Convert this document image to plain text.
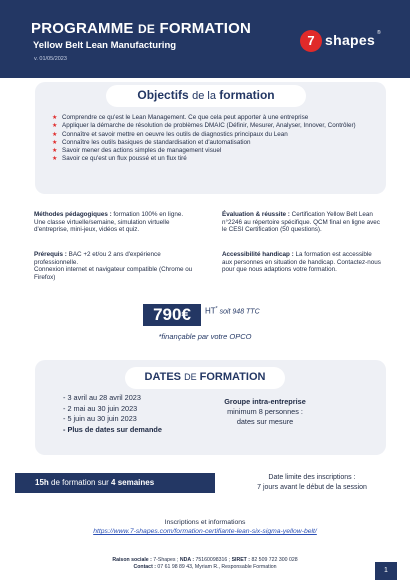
PROGRAMME DE FORMATION
Yellow Belt Lean Manufacturing
v. 01/05/2023
7 shapes ®
Objectifs de la formation
★ Comprendre ce qu'est le Lean Management. Ce que cela peut apporter à une entreprise
★ Appliquer la démarche de résolution de problèmes DMAIC (Définir, Mesurer, Analyser, Innover, Contrôler)
★ Connaître et savoir mettre en oeuvre les outils de diagnostics principaux du Lean
★ Connaître les outils basiques de standardisation et d'automatisation
★ Savoir mener des actions simples de management visuel
★ Savoir ce qu'est un flux poussé et un flux tiré
Méthodes pédagogiques : formation 100% en ligne. Une classe virtuelle/semaine, simulation virtuelle d'entreprise, mini-jeux, vidéos et quiz.
Prérequis : BAC +2 et/ou 2 ans d'expérience professionnelle.
Connexion internet et navigateur compatible (Chrome ou Firefox)
Évaluation & réussite : Certification Yellow Belt Lean n°2246 au répertoire spécifique. QCM final en ligne avec le CESI Certification (50 questions).
Accessibilité handicap : La formation est accessible aux personnes en situation de handicap. Contactez-nous pour que nous adaptions votre formation.
790€	HT* soit 948 TTC
*finançable par votre OPCO
DATES DE FORMATION
- 3 avril au 28 avril 2023
- 2 mai au 30 juin 2023
- 5 juin au 30 juin 2023
- Plus de dates sur demande
Groupe intra-entreprise
minimum 8 personnes :
dates sur mesure
15h de formation sur 4 semaines
Date limite des inscriptions :
7 jours avant le début de la session
Inscriptions et informations
https://www.7-shapes.com/formation-certifiante-lean-six-sigma-yellow-belt/
Raison sociale : 7-Shapes ; NDA : 75160098316 ; SIRET : 82 509 722 300 028
Contact : 07 61 98 89 43, Myriam R., Responsable Formation	1
